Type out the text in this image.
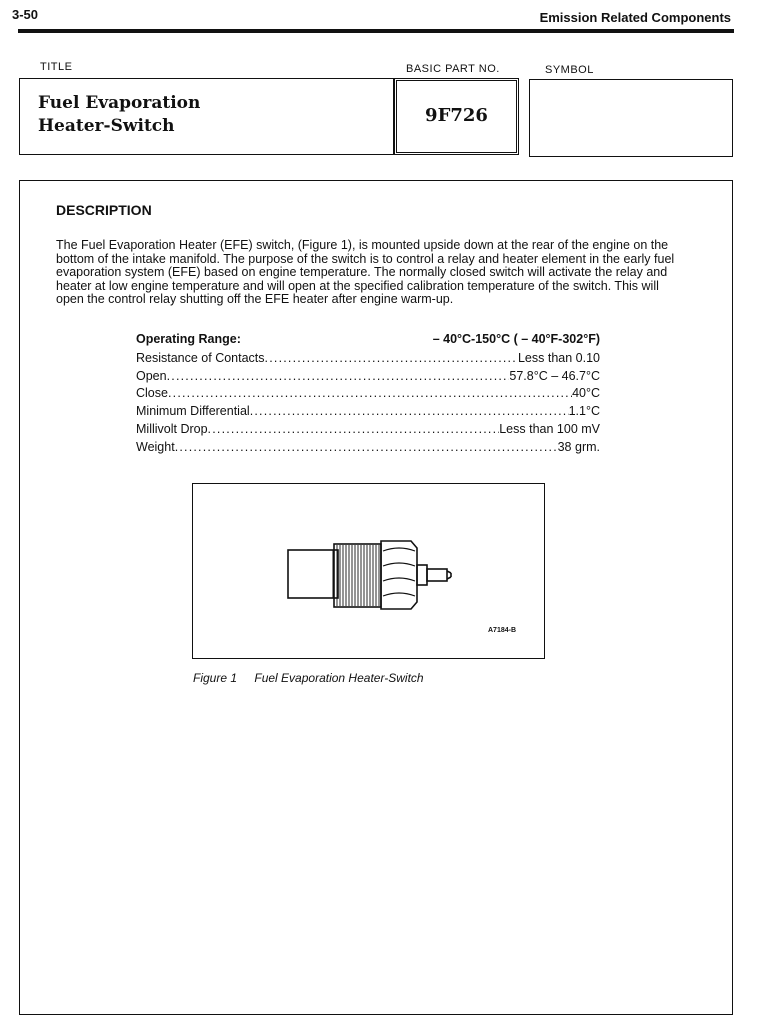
3-50	Emission Related Components
TITLE	BASIC PART NO.	SYMBOL
Fuel Evaporation
Heater-Switch	9F726
DESCRIPTION
The Fuel Evaporation Heater (EFE) switch, (Figure 1), is mounted upside down at the rear of the engine on the bottom of the intake manifold. The purpose of the switch is to control a relay and heater element in the early fuel evaporation system (EFE) based on engine temperature. The normally closed switch will activate the relay and heater at low engine temperature and will open at the specified calibration temperature of the switch. This will open the control relay shutting off the EFE heater after engine warm-up.
Operating Range:	– 40°C-150°C ( – 40°F-302°F)
Resistance of Contacts .....	Less than 0.10
Open .....	57.8°C – 46.7°C
Close .....	40°C
Minimum Differential .....	1.1°C
Millivolt Drop .....	Less than 100 mV
Weight .....	38 grm.
A7184-B
Figure 1 Fuel Evaporation Heater-Switch
